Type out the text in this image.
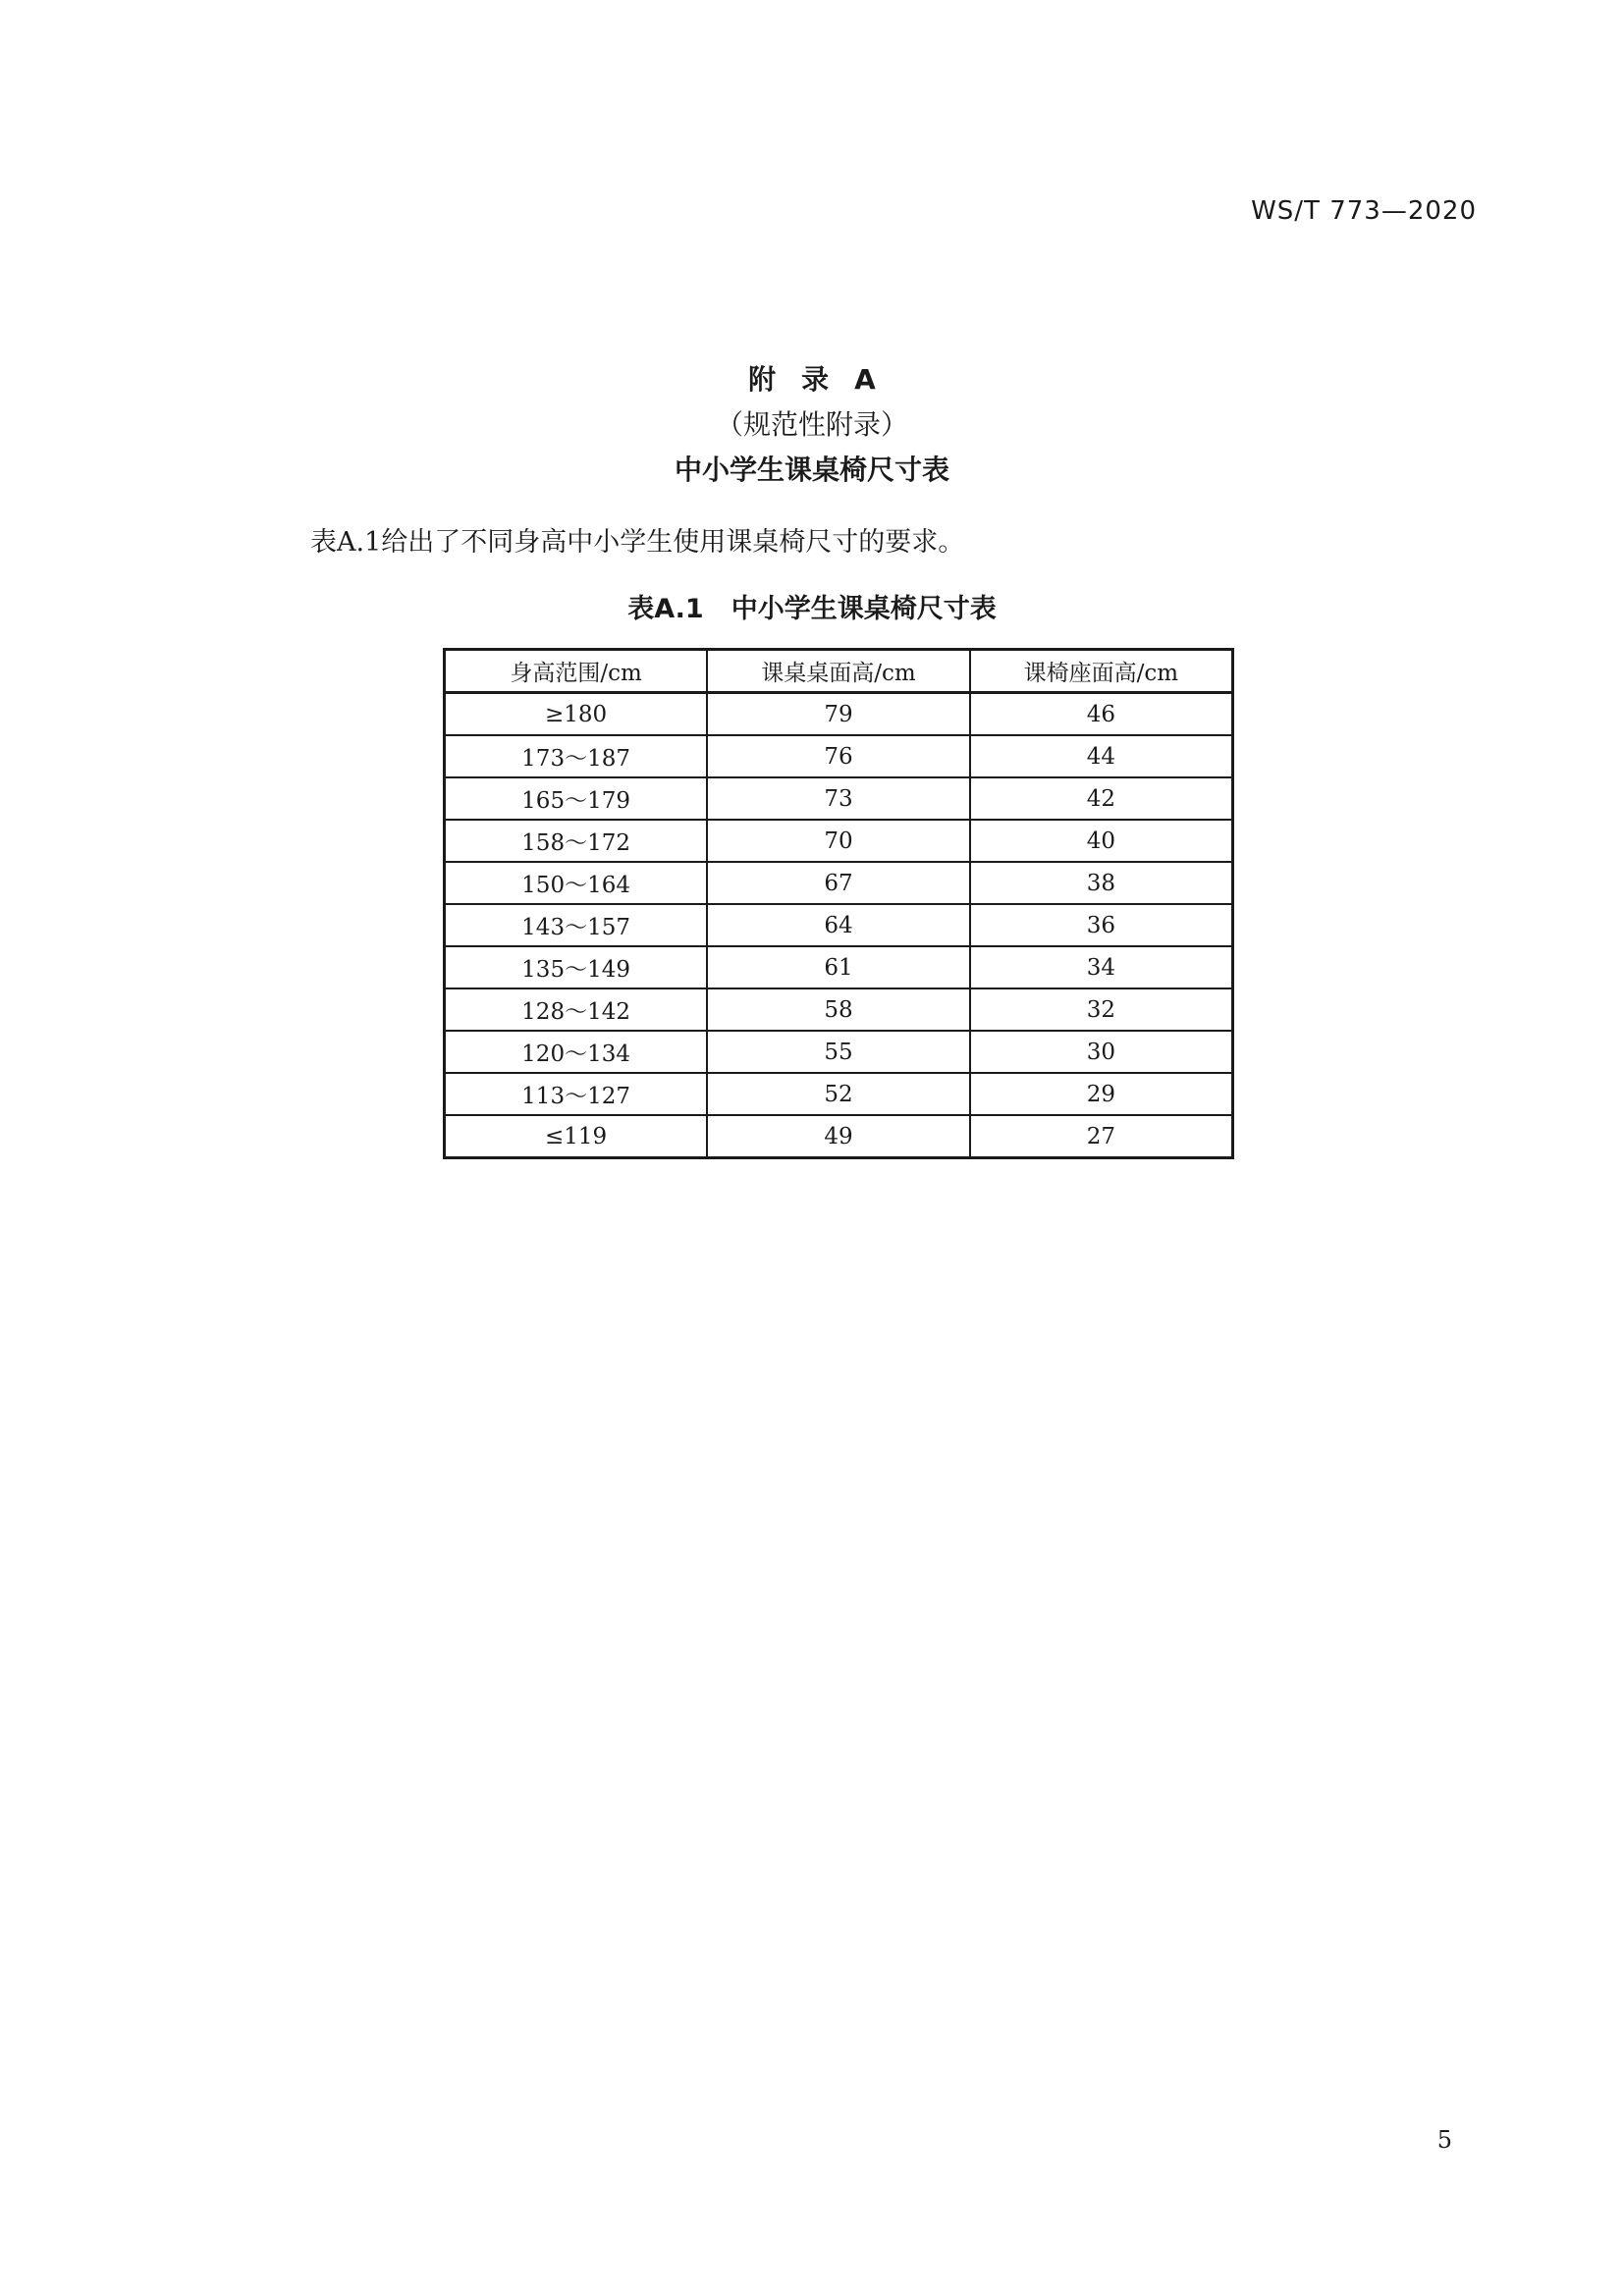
WS/T 773—2020
附录A
（规范性附录）
中小学生课桌椅尺寸表
表A.1给出了不同身高中小学生使用课桌椅尺寸的要求。
表A.1 中小学生课桌椅尺寸表
身高范围/cm	课桌桌面高/cm	课椅座面高/cm
≥180	79	46
173～187	76	44
165～179	73	42
158～172	70	40
150～164	67	38
143～157	64	36
135～149	61	34
128～142	58	32
120～134	55	30
113～127	52	29
≤119	49	27
5
